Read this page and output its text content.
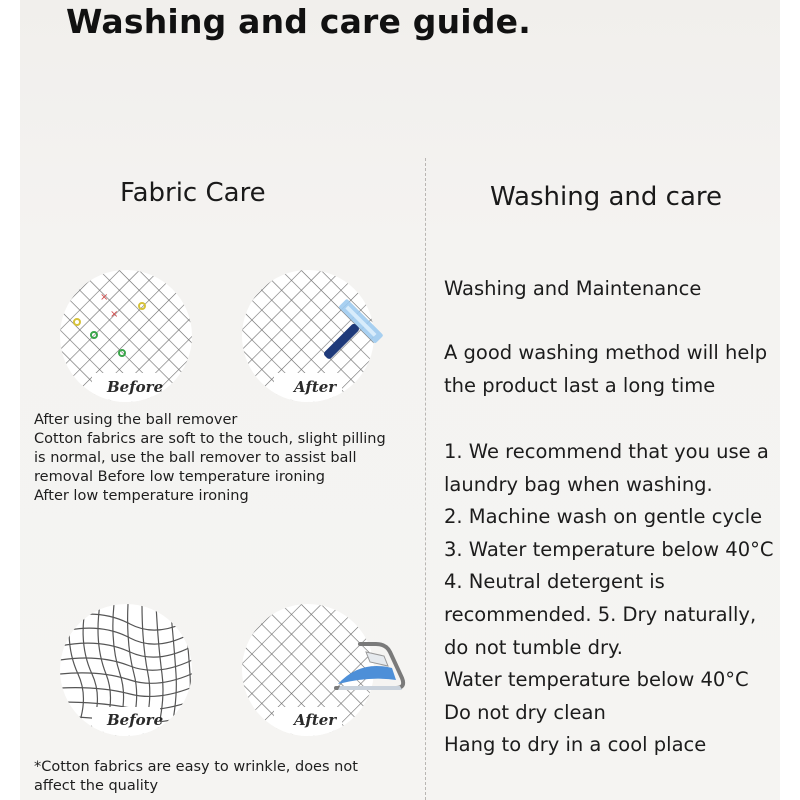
Washing and care guide.
Fabric Care
×
×
Before	After
After using the ball remover
Cotton fabrics are soft to the touch, slight pilling
is normal, use the ball remover to assist ball
removal Before low temperature ironing
After low temperature ironing
Before	After
*Cotton fabrics are easy to wrinkle, does not
affect the quality
Washing and care
Washing and Maintenance
A good washing method will help
the product last a long time
1. We recommend that you use a
laundry bag when washing.
2. Machine wash on gentle cycle
3. Water temperature below 40°C
4. Neutral detergent is
recommended. 5. Dry naturally,
do not tumble dry.
Water temperature below 40°C
Do not dry clean
Hang to dry in a cool place
